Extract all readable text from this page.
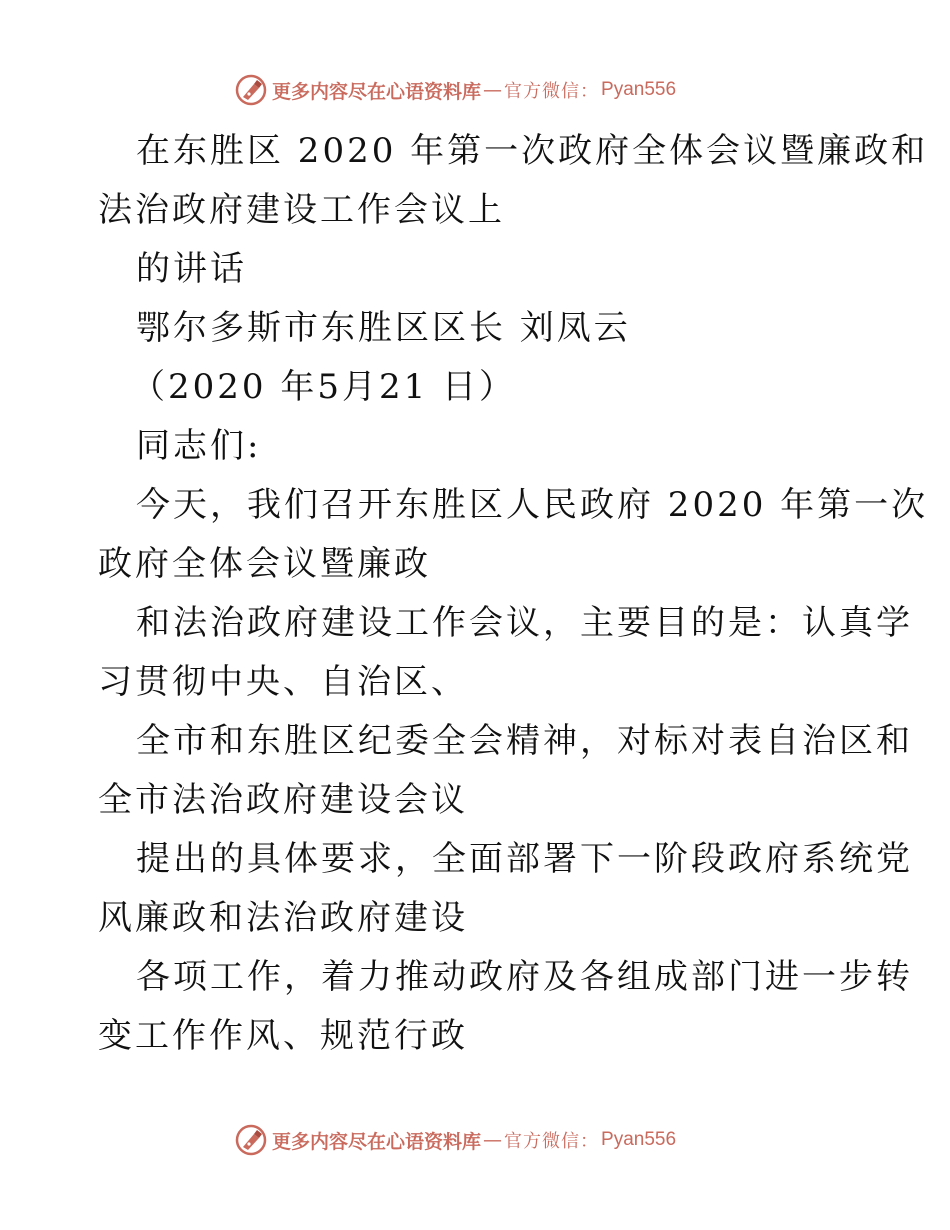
更多内容尽在心语资料库 — 官方微信： Pyan556
在东胜区 2020 年第一次政府全体会议暨廉政和
法治政府建设工作会议上
的讲话
鄂尔多斯市东胜区区长 刘凤云
（2020 年5月21 日）
同志们:
今天，我们召开东胜区人民政府 2020 年第一次
政府全体会议暨廉政
和法治政府建设工作会议，主要目的是：认真学
习贯彻中央、自治区、
全市和东胜区纪委全会精神，对标对表自治区和
全市法治政府建设会议
提出的具体要求，全面部署下一阶段政府系统党
风廉政和法治政府建设
各项工作，着力推动政府及各组成部门进一步转
变工作作风、规范行政
更多内容尽在心语资料库 — 官方微信： Pyan556
